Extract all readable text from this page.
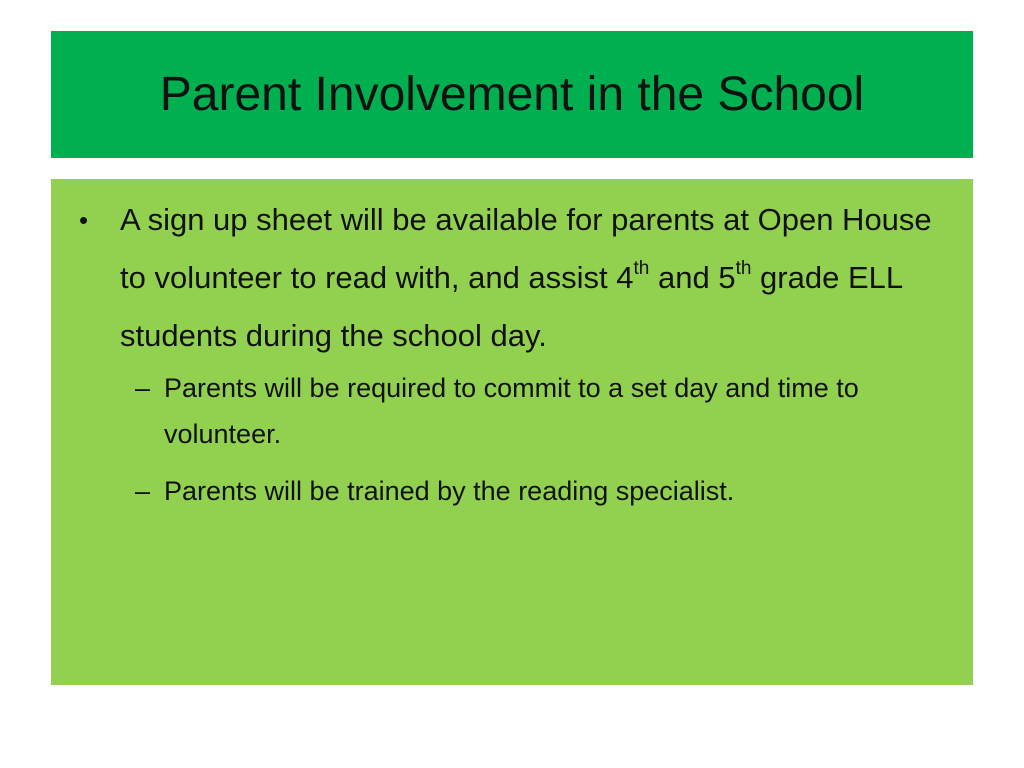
Parent Involvement in the School
• A sign up sheet will be available for parents at Open House to volunteer to read with, and assist 4th and 5th grade ELL students during the school day.
– Parents will be required to commit to a set day and time to volunteer.
– Parents will be trained by the reading specialist.
